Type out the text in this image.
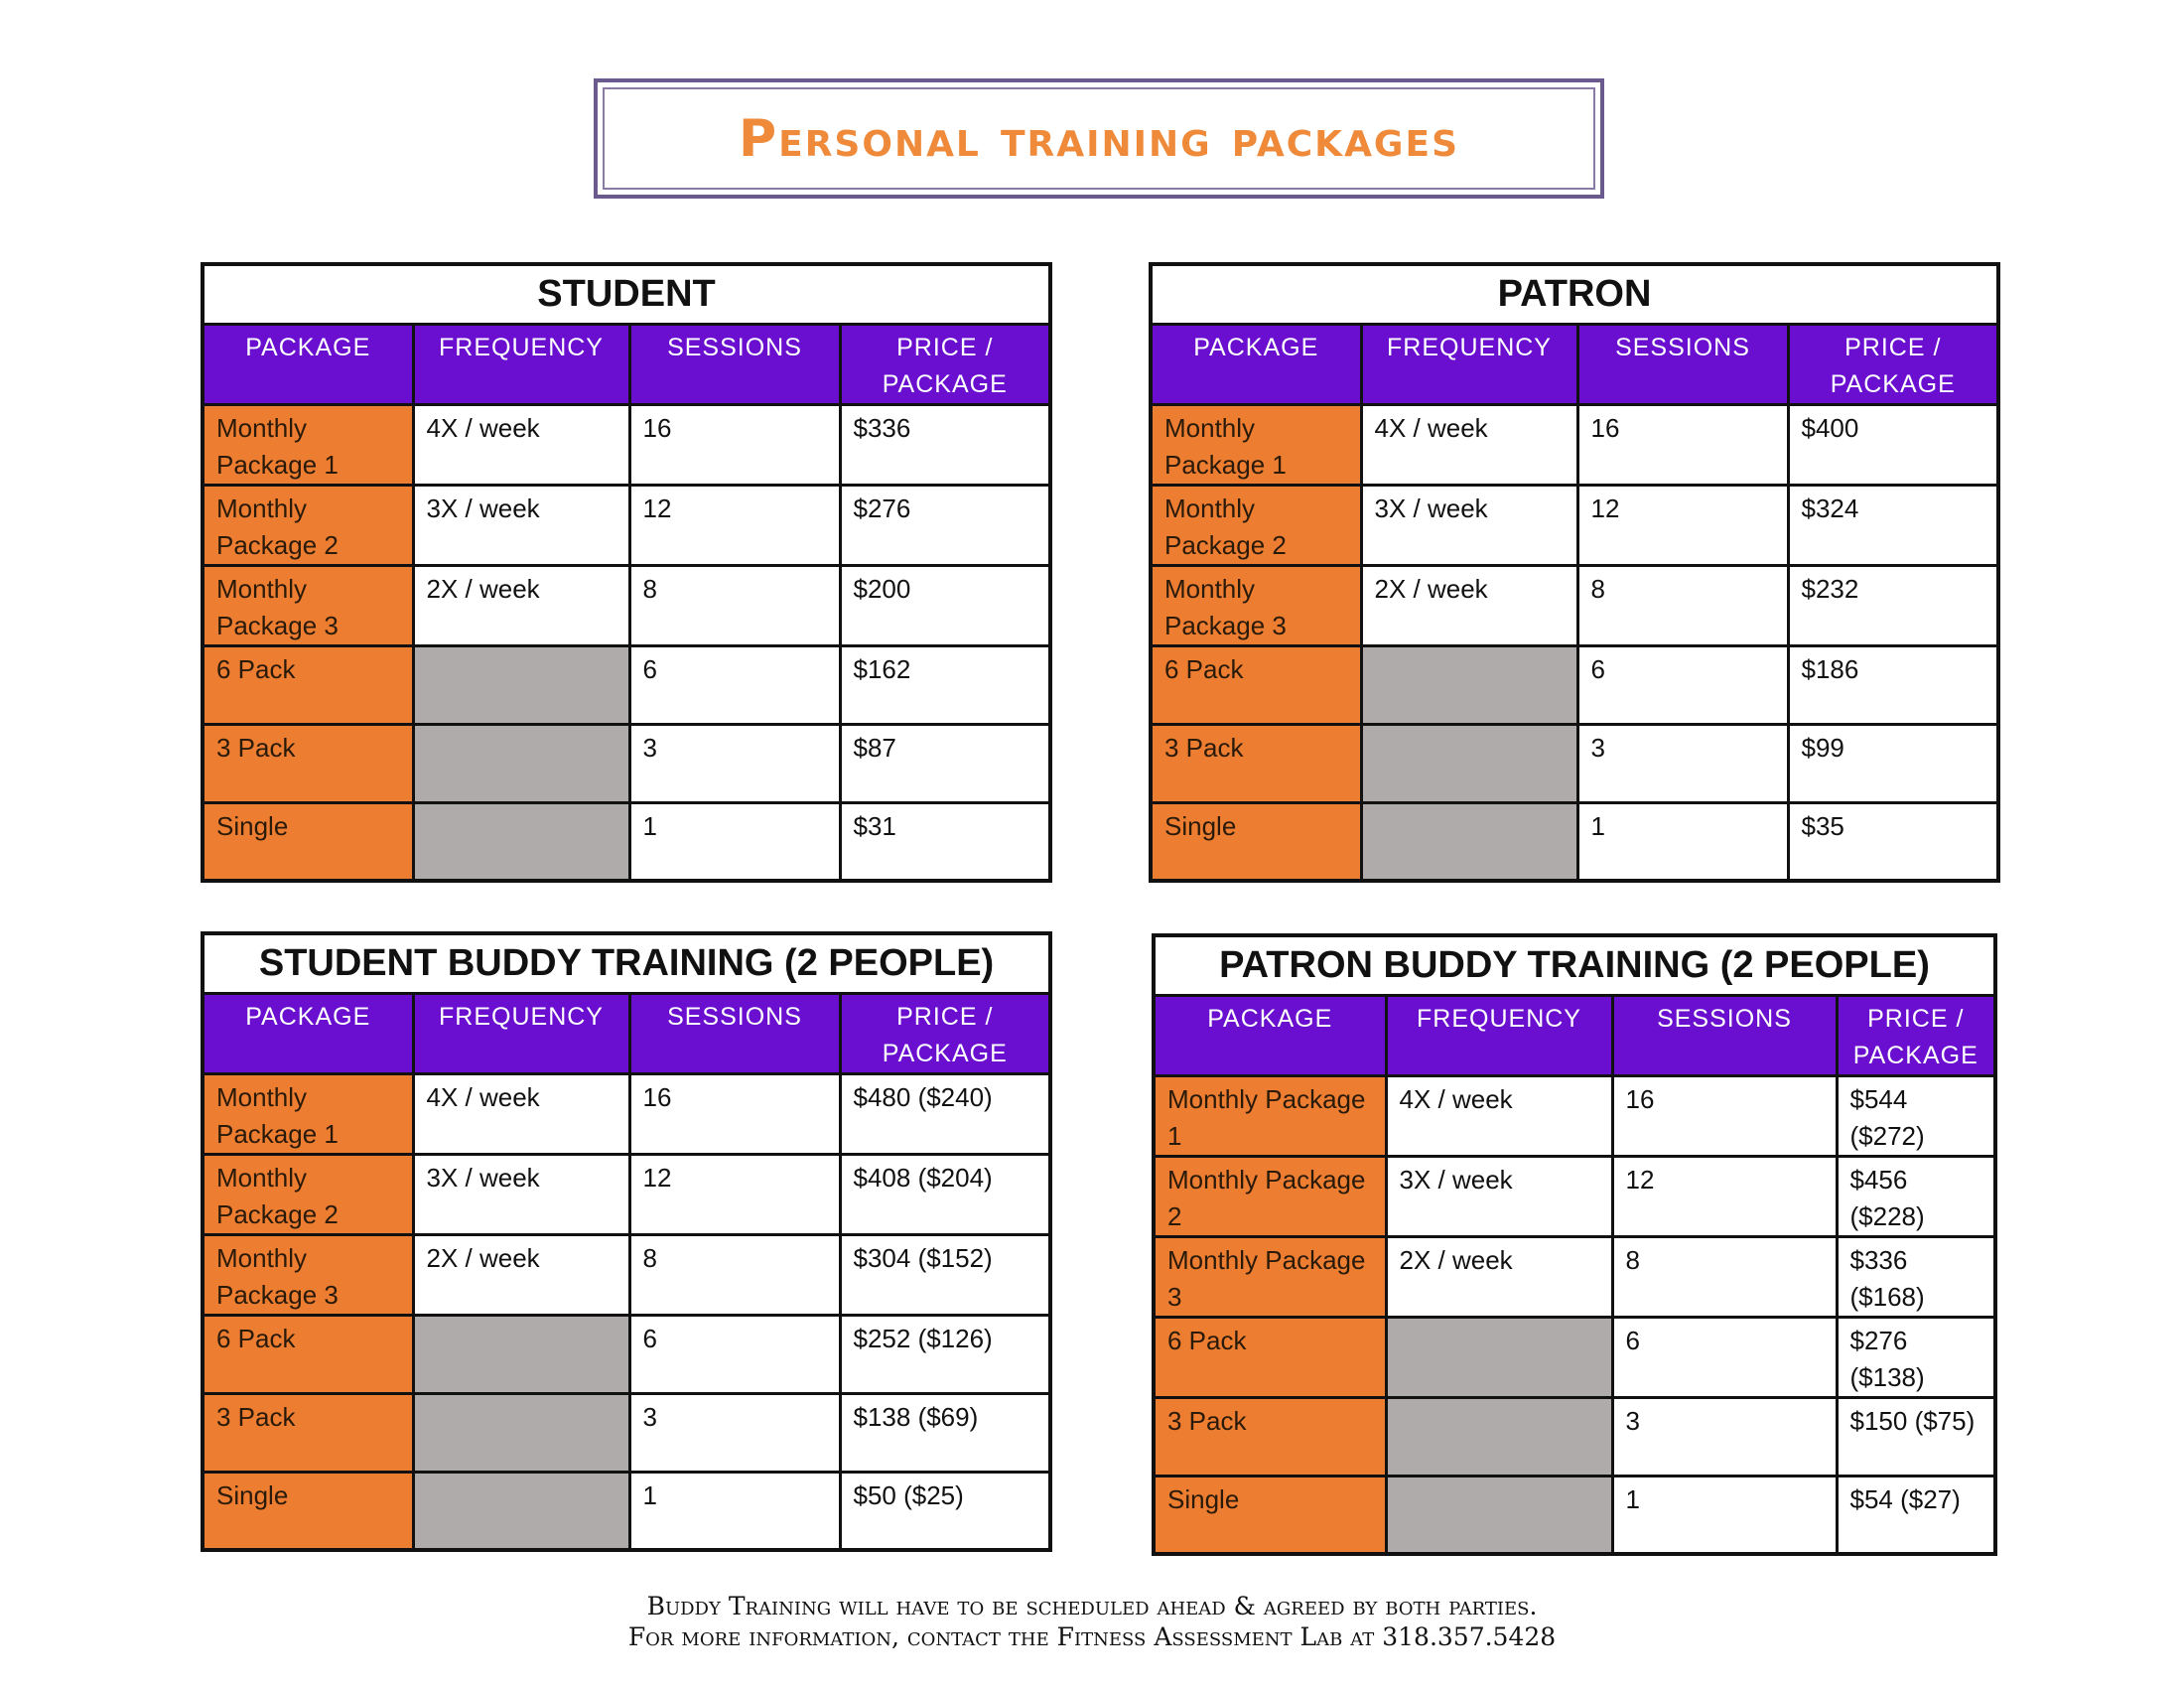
Personal training packages
STUDENT			
PACKAGE	FREQUENCY	SESSIONS	PRICE / PACKAGE
Monthly Package 1	4X / week	16	$336
Monthly Package 2	3X / week	12	$276
Monthly Package 3	2X / week	8	$200
6 Pack		6	$162
3 Pack		3	$87
Single		1	$31
PATRON			
PACKAGE	FREQUENCY	SESSIONS	PRICE / PACKAGE
Monthly Package 1	4X / week	16	$400
Monthly Package 2	3X / week	12	$324
Monthly Package 3	2X / week	8	$232
6 Pack		6	$186
3 Pack		3	$99
Single		1	$35
STUDENT BUDDY TRAINING (2 PEOPLE)			
PACKAGE	FREQUENCY	SESSIONS	PRICE / PACKAGE
Monthly Package 1	4X / week	16	$480 ($240)
Monthly Package 2	3X / week	12	$408 ($204)
Monthly Package 3	2X / week	8	$304 ($152)
6 Pack		6	$252 ($126)
3 Pack		3	$138 ($69)
Single		1	$50 ($25)
PATRON BUDDY TRAINING (2 PEOPLE)			
PACKAGE	FREQUENCY	SESSIONS	PRICE / PACKAGE
Monthly Package 1	4X / week	16	$544 ($272)
Monthly Package 2	3X / week	12	$456 ($228)
Monthly Package 3	2X / week	8	$336 ($168)
6 Pack		6	$276 ($138)
3 Pack		3	$150 ($75)
Single		1	$54 ($27)
Buddy Training will have to be scheduled ahead & agreed by both parties.
For more information, contact the Fitness Assessment Lab at 318.357.5428
